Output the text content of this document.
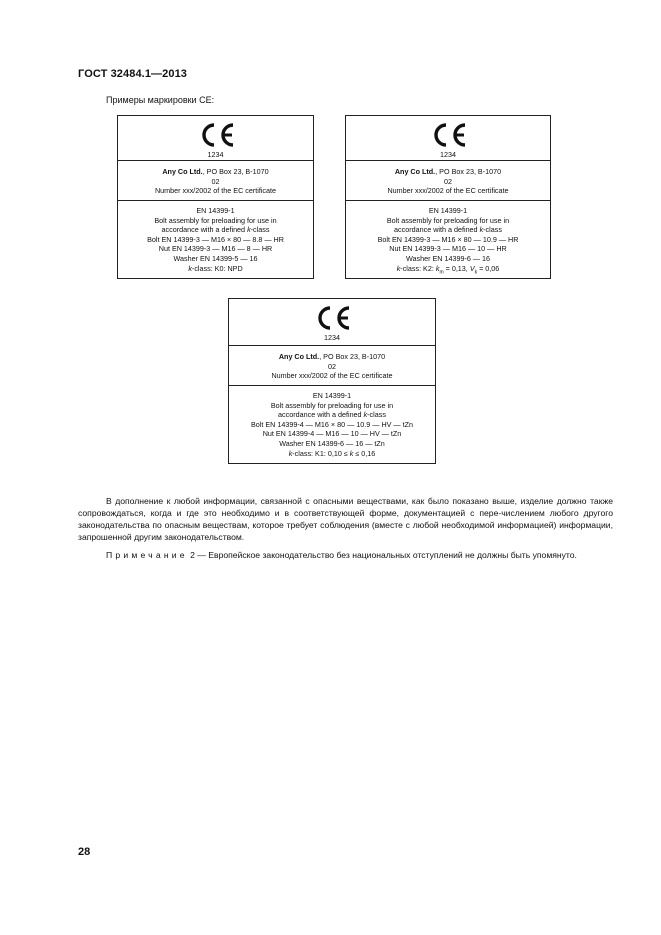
ГОСТ 32484.1—2013
Примеры маркировки СЕ:
1234
Any Co Ltd., PO Box 23, B-1070
02
Number xxx/2002 of the EC certificate
EN 14399-1
Bolt assembly for preloading for use in
accordance with a defined k-class
Bolt EN 14399-3 — M16 × 80 — 8.8 — HR
Nut EN 14399-3 — M16 — 8 — HR
Washer EN 14399-5 — 16
k-class: K0: NPD
1234
Any Co Ltd., PO Box 23, B-1070
02
Number xxx/2002 of the EC certificate
EN 14399-1
Bolt assembly for preloading for use in
accordance with a defined k-class
Bolt EN 14399-3 — M16 × 80 — 10.9 — HR
Nut EN 14399-3 — M16 — 10 — HR
Washer EN 14399-6 — 16
k-class: K2: $k_m = 0,13$, $V_k = 0,06$
1234
Any Co Ltd., PO Box 23, B-1070
02
Number xxx/2002 of the EC certificate
EN 14399-1
Bolt assembly for preloading for use in
accordance with a defined k-class
Bolt EN 14399-4 — M16 × 80 — 10.9 — HV — tZn
Nut EN 14399-4 — M16 — 10 — HV — tZn
Washer EN 14399-6 — 16 — tZn
k-class: K1: 0,10 ≤ k ≤ 0,16
В дополнение к любой информации, связанной с опасными веществами, как было показано выше, изделие должно также сопровождаться, когда и где это необходимо и в соответствующей форме, документацией с пере-числением любого другого законодательства по опасным веществам, которое требует соблюдения (вместе с любой необходимой информацией) информации, запрошенной другим законодательством.
Примечание 2 — Европейское законодательство без национальных отступлений не должны быть упомянуто.
28
